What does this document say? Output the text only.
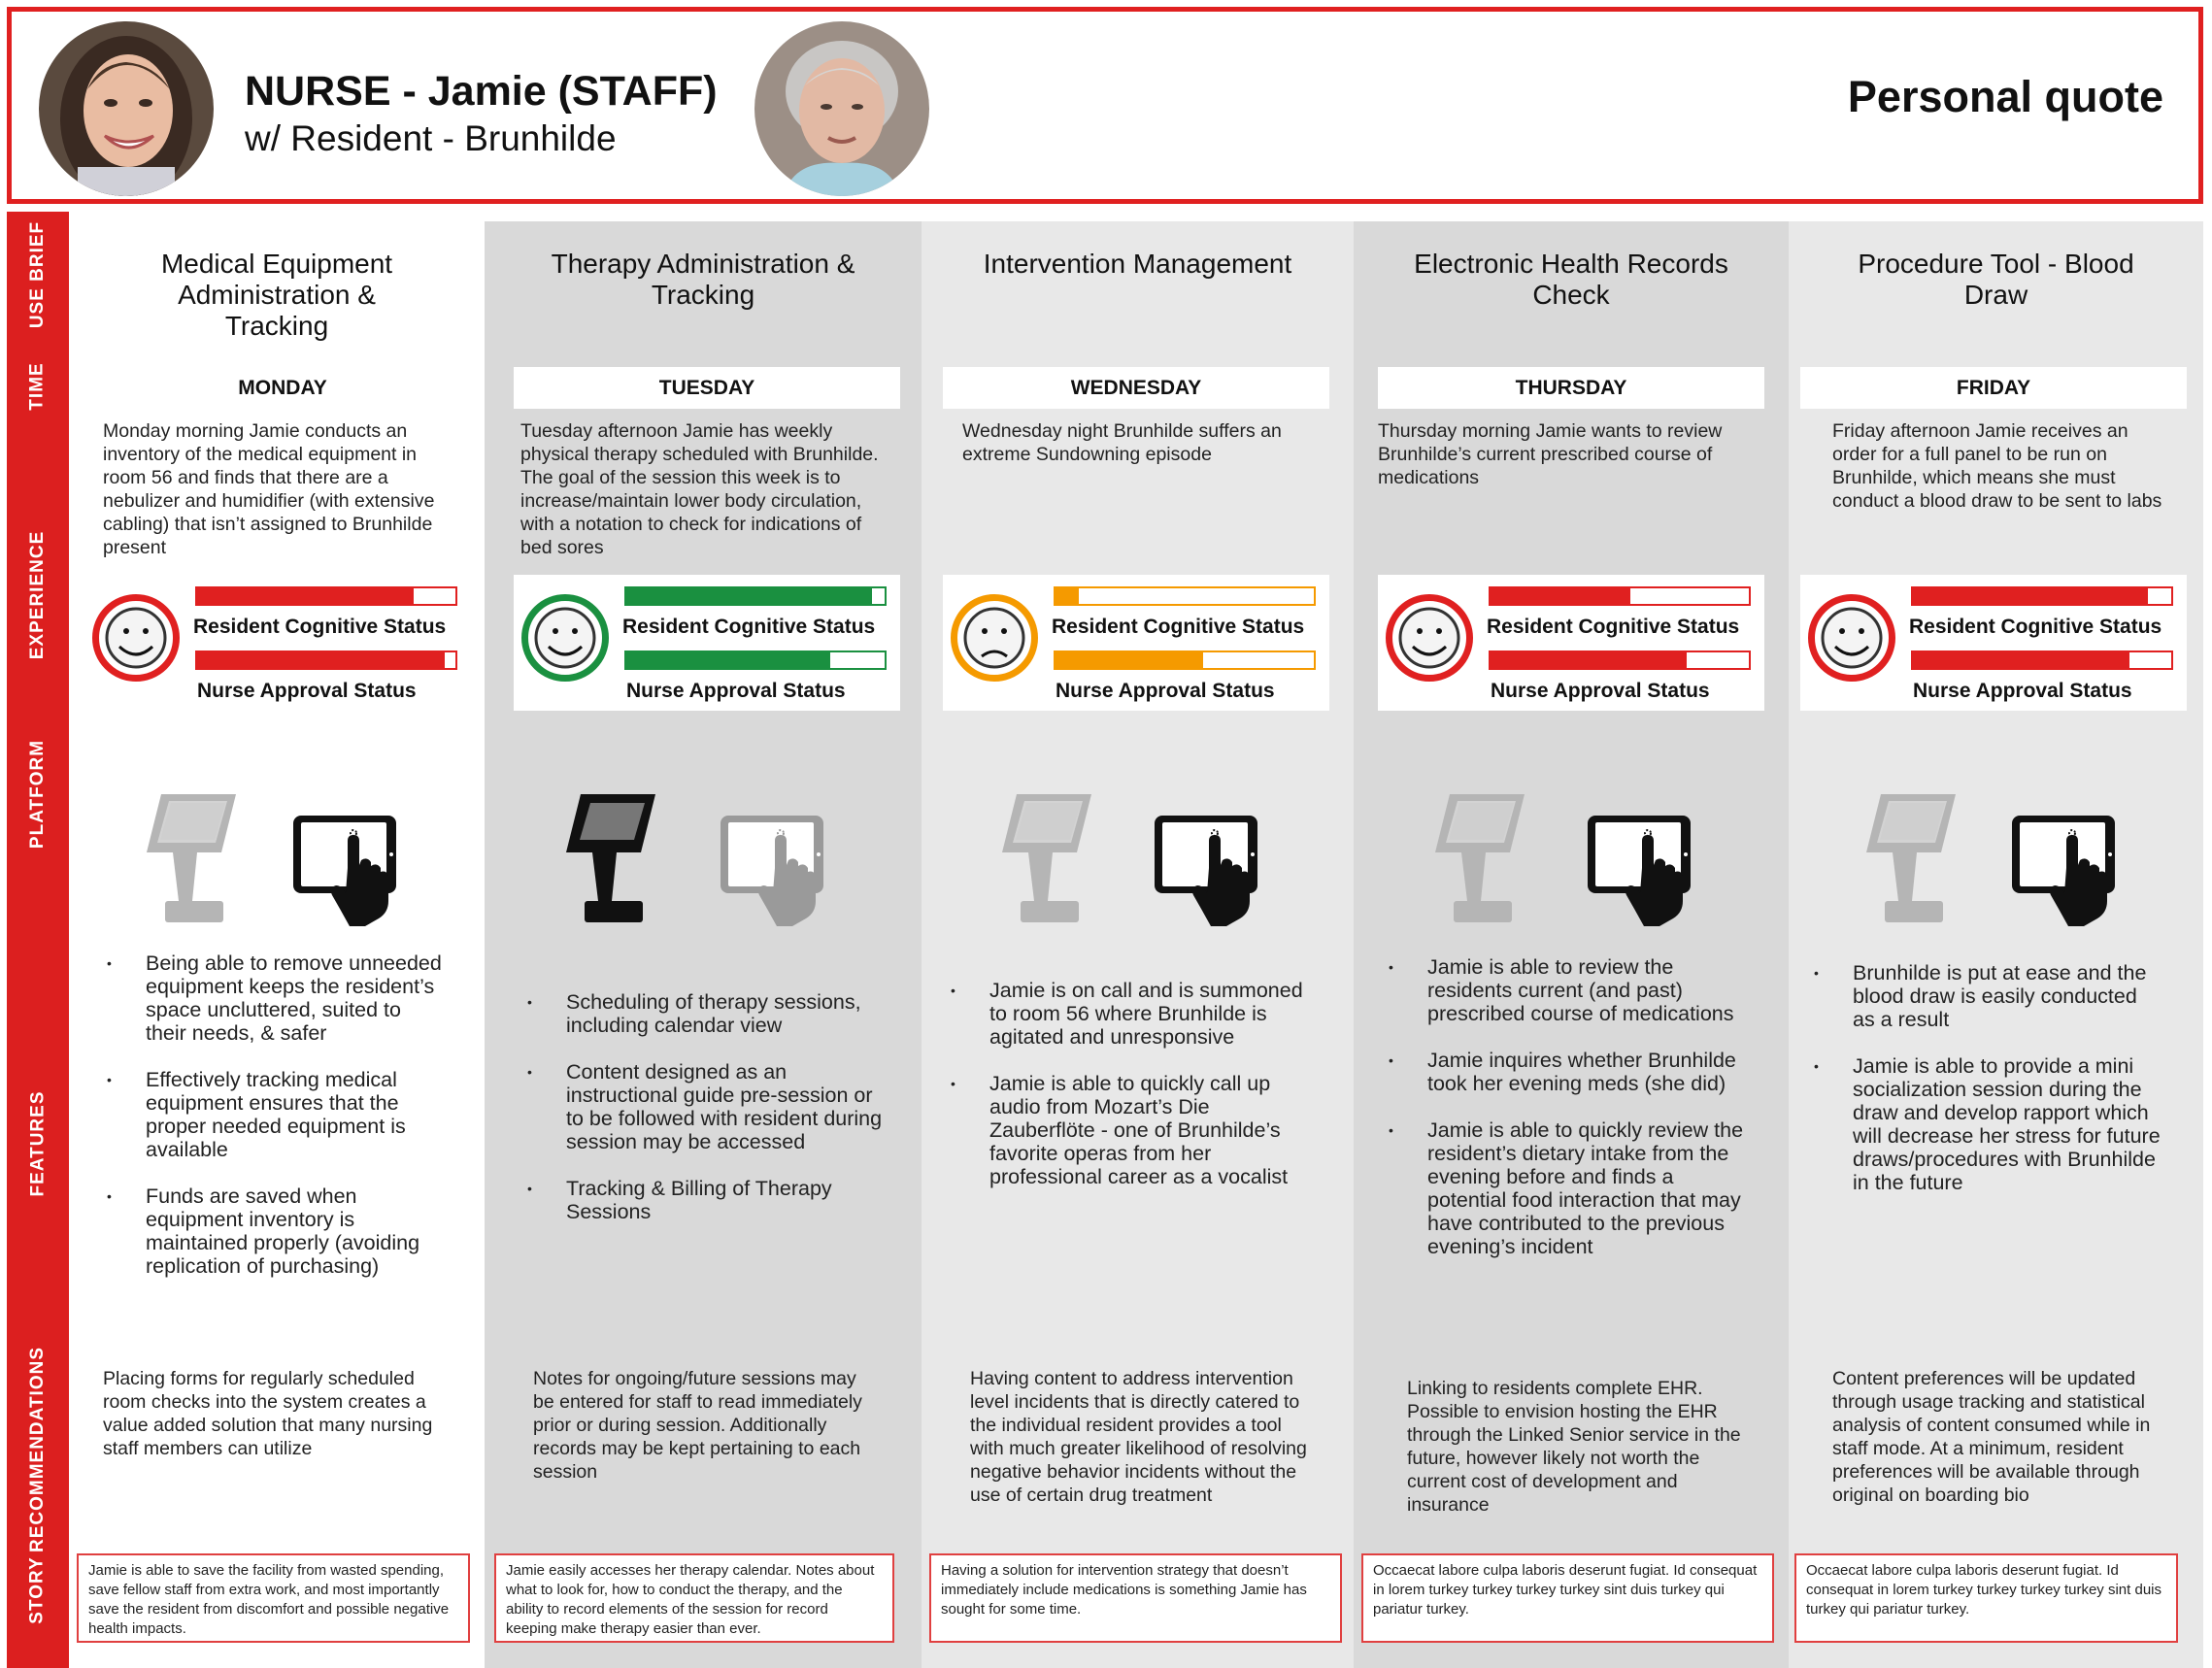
NURSE - Jamie (STAFF)
w/ Resident - Brunhilde
Personal quote
USE BRIEF
TIME
EXPERIENCE
PLATFORM
FEATURES
RECOMMENDATIONS
STORY
Medical Equipment Administration & Tracking
MONDAY
Monday morning Jamie conducts an inventory of the medical equipment in room 56 and finds that there are a nebulizer and humidifier (with extensive cabling) that isn’t assigned to Brunhilde present
Resident Cognitive Status
Nurse Approval Status
• Being able to remove unneeded equipment keeps the resident’s space uncluttered, suited to their needs, & safer
• Effectively tracking medical equipment ensures that the proper needed equipment is available
• Funds are saved when equipment inventory is maintained properly (avoiding replication of purchasing)
Placing forms for regularly scheduled room checks into the system creates a value added solution that many nursing staff members can utilize
Jamie is able to save the facility from wasted spending, save fellow staff from extra work, and most importantly save the resident from discomfort and possible negative health impacts.
Therapy Administration & Tracking
TUESDAY
Tuesday afternoon Jamie has weekly physical therapy scheduled with Brunhilde. The goal of the session this week is to increase/maintain lower body circulation, with a notation to check for indications of bed sores
Resident Cognitive Status
Nurse Approval Status
• Scheduling of therapy sessions, including calendar view
• Content designed as an instructional guide pre-session or to be followed with resident during session may be accessed
• Tracking & Billing of Therapy Sessions
Notes for ongoing/future sessions may be entered for staff to read immediately prior or during session. Additionally records may be kept pertaining to each session
Jamie easily accesses her therapy calendar. Notes about what to look for, how to conduct the therapy, and the ability to record elements of the session for record keeping make therapy easier than ever.
Intervention Management
WEDNESDAY
Wednesday night Brunhilde suffers an extreme Sundowning episode
Resident Cognitive Status
Nurse Approval Status
• Jamie is on call and is summoned to room 56 where Brunhilde is agitated and unresponsive
• Jamie is able to quickly call up audio from Mozart’s Die Zauberflöte - one of Brunhilde’s favorite operas from her professional career as a vocalist
Having content to address intervention level incidents that is directly catered to the individual resident provides a tool with much greater likelihood of resolving negative behavior incidents without the use of certain drug treatment
Having a solution for intervention strategy that doesn’t immediately include medications is something Jamie has sought for some time.
Electronic Health Records Check
THURSDAY
Thursday morning Jamie wants to review Brunhilde’s current prescribed course of medications
Resident Cognitive Status
Nurse Approval Status
• Jamie is able to review the residents current (and past) prescribed course of medications
• Jamie inquires whether Brunhilde took her evening meds (she did)
• Jamie is able to quickly review the resident’s dietary intake from the evening before and finds a potential food interaction that may have contributed to the previous evening’s incident
Linking to residents complete EHR. Possible to envision hosting the EHR through the Linked Senior service in the future, however likely not worth the current cost of development and insurance
Occaecat labore culpa laboris deserunt fugiat. Id consequat in lorem turkey turkey turkey turkey sint duis turkey qui pariatur turkey.
Procedure Tool - Blood Draw
FRIDAY
Friday afternoon Jamie receives an order for a full panel to be run on Brunhilde, which means she must conduct a blood draw to be sent to labs
Resident Cognitive Status
Nurse Approval Status
• Brunhilde is put at ease and the blood draw is easily conducted as a result
• Jamie is able to provide a mini socialization session during the draw and develop rapport which will decrease her stress for future draws/procedures with Brunhilde in the future
Content preferences will be updated through usage tracking and statistical analysis of content consumed while in staff mode. At a minimum, resident preferences will be available through original on boarding bio
Occaecat labore culpa laboris deserunt fugiat. Id consequat in lorem turkey turkey turkey turkey sint duis turkey qui pariatur turkey.
